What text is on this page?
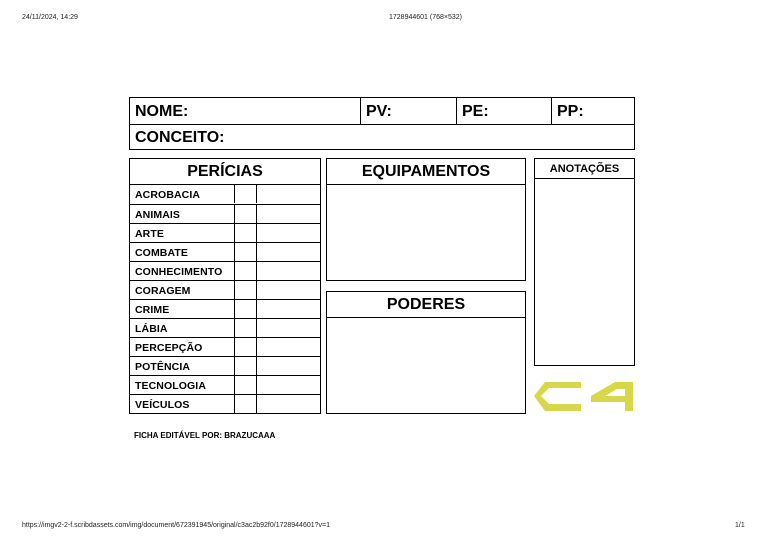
24/11/2024, 14:29	1728944601 (768×532)
https://imgv2-2-f.scribdassets.com/img/document/672391945/original/c3ac2b92f0/1728944601?v=1	1/1
NOME:	PV:	PE:	PP:
CONCEITO:
PERÍCIAS
ACROBACIA
ANIMAIS
ARTE
COMBATE
CONHECIMENTO
CORAGEM
CRIME
LÁBIA
PERCEPÇÃO
POTÊNCIA
TECNOLOGIA
VEÍCULOS
EQUIPAMENTOS
PODERES
ANOTAÇÕES
FICHA EDITÁVEL POR: BRAZUCAAA
